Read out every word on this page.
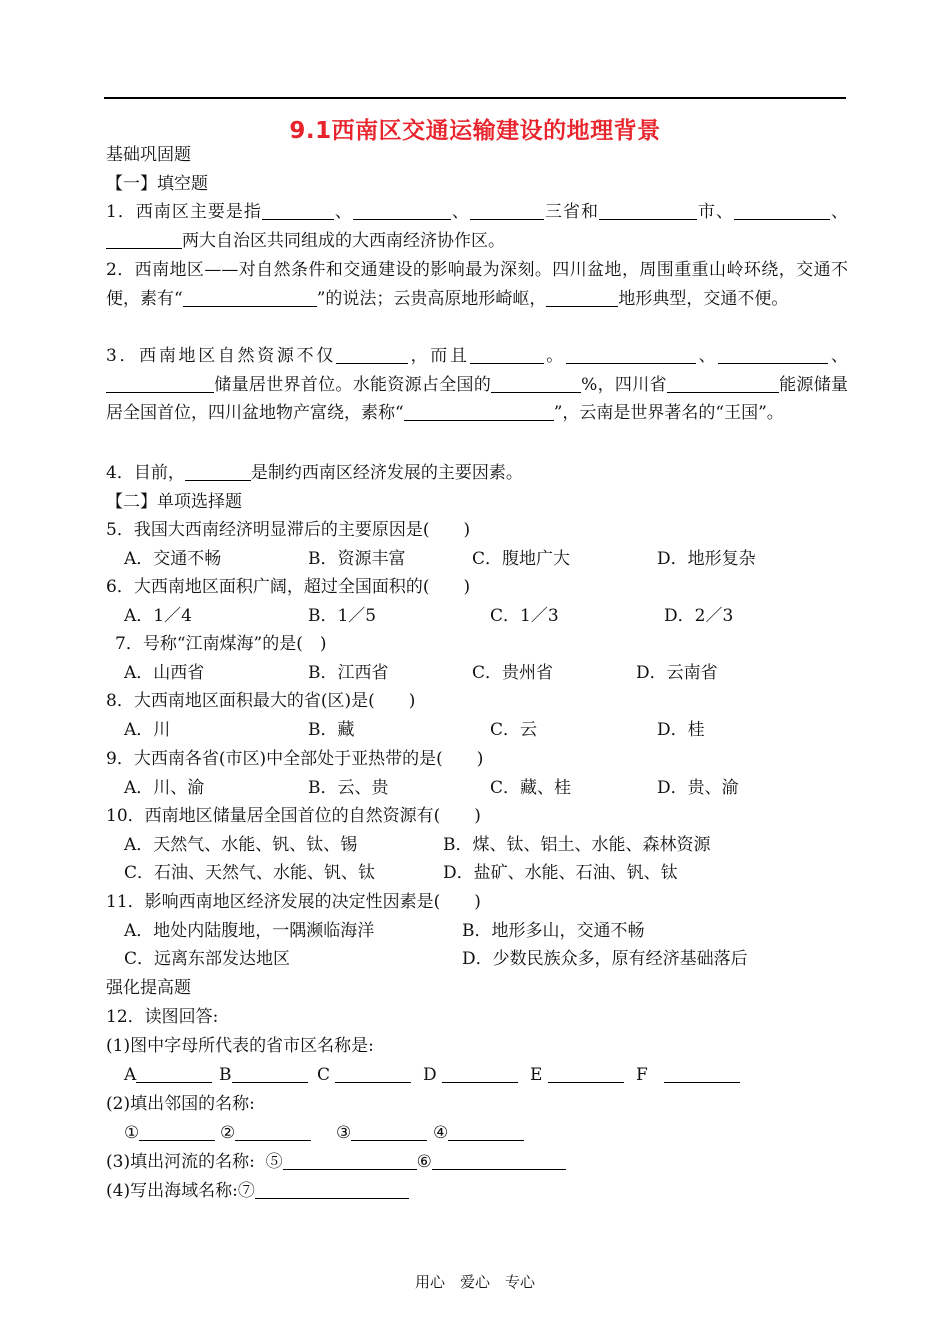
9.1西南区交通运输建设的地理背景
基础巩固题
【一】填空题
1．西南区主要是指	、	、	三省和	市、	、两大自治区共同组成的大西南经济协作区。
2．西南地区——对自然条件和交通建设的影响最为深刻。四川盆地，周围重重山岭环绕，交通不便，素有“	”的说法；云贵高原地形崎岖，	地形典型，交通不便。
3．西南地区自然资源不仅	，而且	。	、	、储量居世界首位。水能资源占全国的	%，四川省	能源储量居全国首位，四川盆地物产富绕，素称“	”，云南是世界著名的“王国”。
4．目前，	是制约西南区经济发展的主要因素。
【二】单项选择题
5．我国大西南经济明显滞后的主要原因是(　　)
A．交通不畅	B．资源丰富	C．腹地广大	D．地形复杂
6．大西南地区面积广阔，超过全国面积的(　　)
A．1／4	B．1／5	C．1／3	D．2／3
7．号称“江南煤海”的是(　)
A．山西省	B．江西省	C．贵州省	D．云南省
8．大西南地区面积最大的省(区)是(　　)
A．川	B．藏	C．云	D．桂
9．大西南各省(市区)中全部处于亚热带的是(　　)
A．川、渝	B．云、贵	C．藏、桂	D．贵、渝
10．西南地区储量居全国首位的自然资源有(　　)
A．天然气、水能、钒、钛、锡	B．煤、钛、铝土、水能、森林资源
C．石油、天然气、水能、钒、钛	D．盐矿、水能、石油、钒、钛
11．影响西南地区经济发展的决定性因素是(　　)
A．地处内陆腹地，一隅濒临海洋	B．地形多山，交通不畅
C．远离东部发达地区	D．少数民族众多，原有经济基础落后
强化提高题
12．读图回答:
(1)图中字母所代表的省市区名称是:
A	B	C	D	E	F
(2)填出邻国的名称:
①	②	③	④
(3)填出河流的名称: ⑤	⑥
(4)写出海域名称:⑦
用心　爱心　专心
